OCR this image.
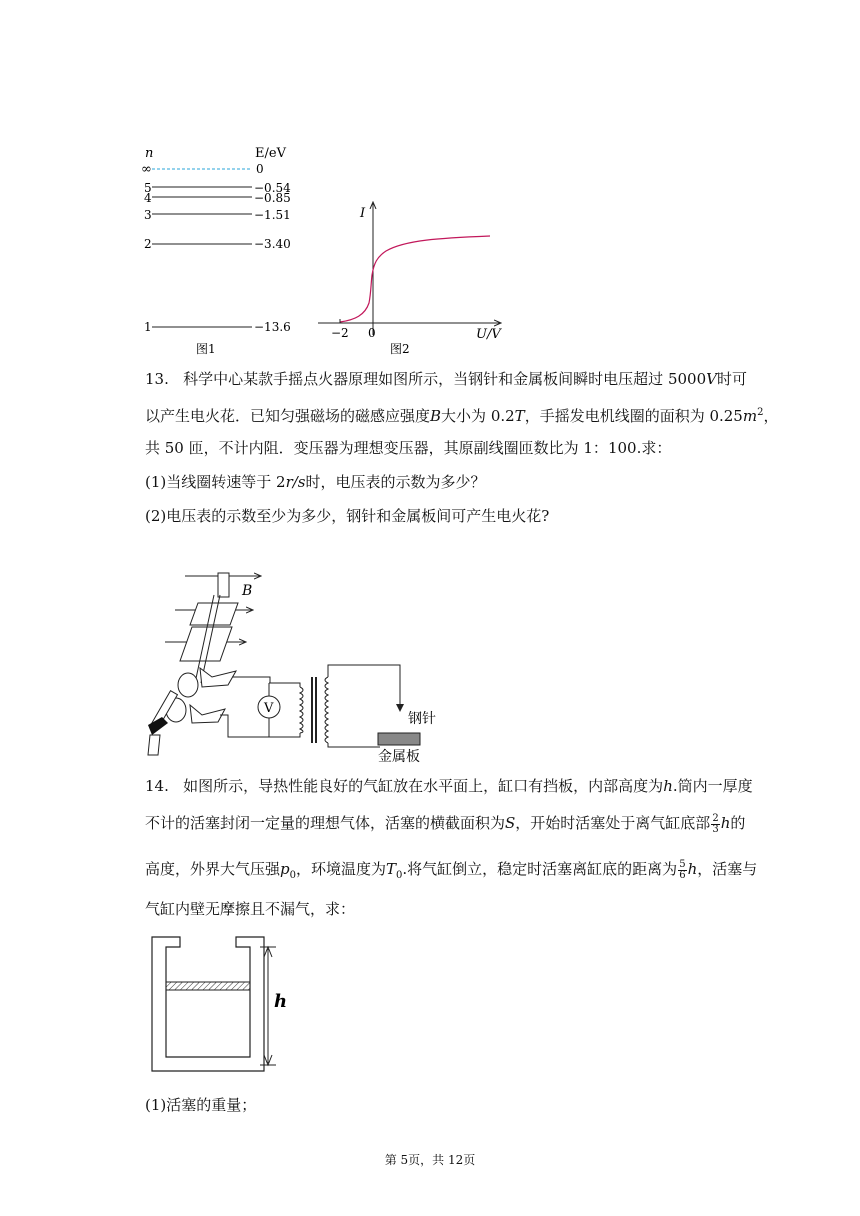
n	E/eV
∞	0
5	−0.54
4	−0.85
3	−1.51
2	−3.40
1	−13.6
图1
I
−2 0	U/V
图2
13. 科学中心某款手摇点火器原理如图所示，当钢针和金属板间瞬时电压超过 5000V时可
以产生电火花．已知匀强磁场的磁感应强度B大小为 0.2T，手摇发电机线圈的面积为 $0.25m^2$，
共 50 匝，不计内阻．变压器为理想变压器，其原副线圈匝数比为 1：100.求：
(1)当线圈转速等于 2r/s时，电压表的示数为多少？
(2)电压表的示数至少为多少，钢针和金属板间可产生电火花?
B
V
钢针
金属板
14. 如图所示，导热性能良好的气缸放在水平面上，缸口有挡板，内部高度为h.筒内一厚度
不计的活塞封闭一定量的理想气体，活塞的横截面积为S，开始时活塞处于离气缸底部 $\frac{2}{3}$ h的
高度，外界大气压强$p_0$，环境温度为$T_0$.将气缸倒立，稳定时活塞离缸底的距离为 $\frac{5}{6}$ h，活塞与
气缸内壁无摩擦且不漏气，求：
h
(1)活塞的重量；
第 5页，共 12页
